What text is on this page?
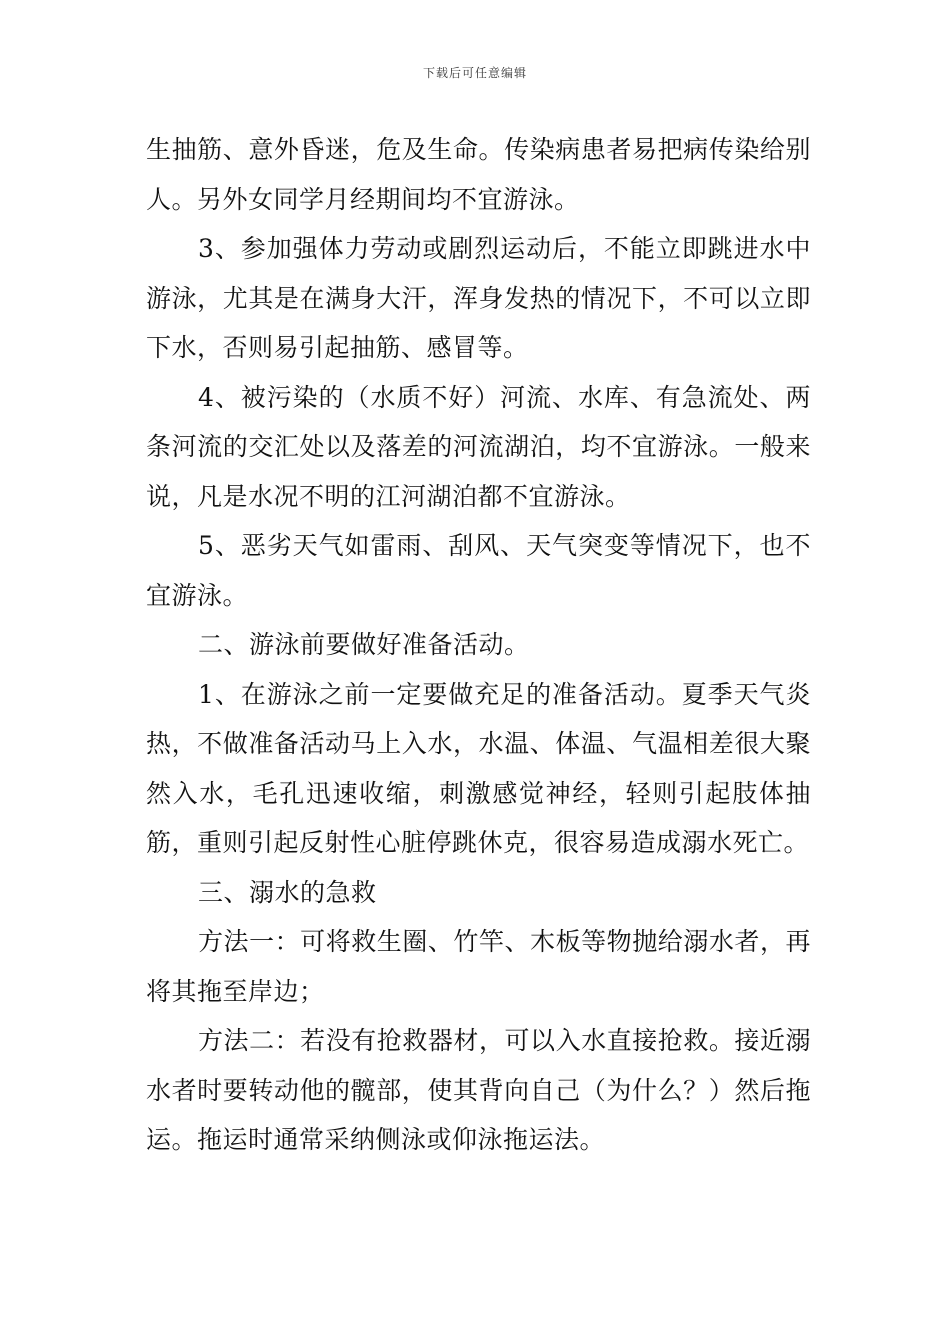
下载后可任意编辑

生抽筋、意外昏迷，危及生命。传染病患者易把病传染给别人。另外女同学月经期间均不宜游泳。

3、参加强体力劳动或剧烈运动后，不能立即跳进水中游泳，尤其是在满身大汗，浑身发热的情况下，不可以立即下水，否则易引起抽筋、感冒等。

4、被污染的（水质不好）河流、水库、有急流处、两条河流的交汇处以及落差的河流湖泊，均不宜游泳。一般来说，凡是水况不明的江河湖泊都不宜游泳。

5、恶劣天气如雷雨、刮风、天气突变等情况下，也不宜游泳。

二、游泳前要做好准备活动。

1、在游泳之前一定要做充足的准备活动。夏季天气炎热，不做准备活动马上入水，水温、体温、气温相差很大聚然入水，毛孔迅速收缩，刺激感觉神经，轻则引起肢体抽筋，重则引起反射性心脏停跳休克，很容易造成溺水死亡。

三、溺水的急救

方法一：可将救生圈、竹竿、木板等物抛给溺水者，再将其拖至岸边；

方法二：若没有抢救器材，可以入水直接抢救。接近溺水者时要转动他的髋部，使其背向自己（为什么？）然后拖运。拖运时通常采纳侧泳或仰泳拖运法。
